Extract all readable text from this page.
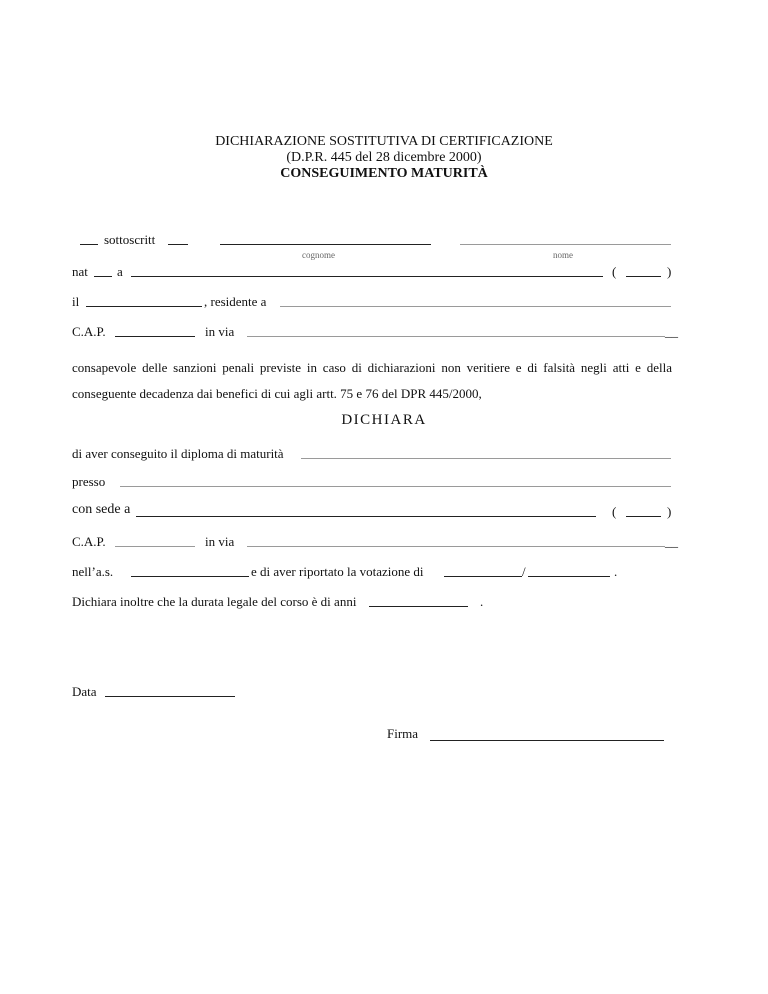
DICHIARAZIONE SOSTITUTIVA DI CERTIFICAZIONE
(D.P.R. 445 del 28 dicembre 2000)
CONSEGUIMENTO MATURITÀ
sottoscritt
cognome	nome
nat a	(	)
il	, residente a
C.A.P.	in via	__
consapevole delle sanzioni penali previste in caso di dichiarazioni non veritiere e di falsità negli atti e della
conseguente decadenza dai benefici di cui agli artt. 75 e 76 del DPR 445/2000,
DICHIARA
di aver conseguito il diploma di maturità
presso
con sede a	(	)
C.A.P.	in via	__
nell’a.s.	e di aver riportato la votazione di	/	.
Dichiara inoltre che la durata legale del corso è di anni	.
Data
Firma
